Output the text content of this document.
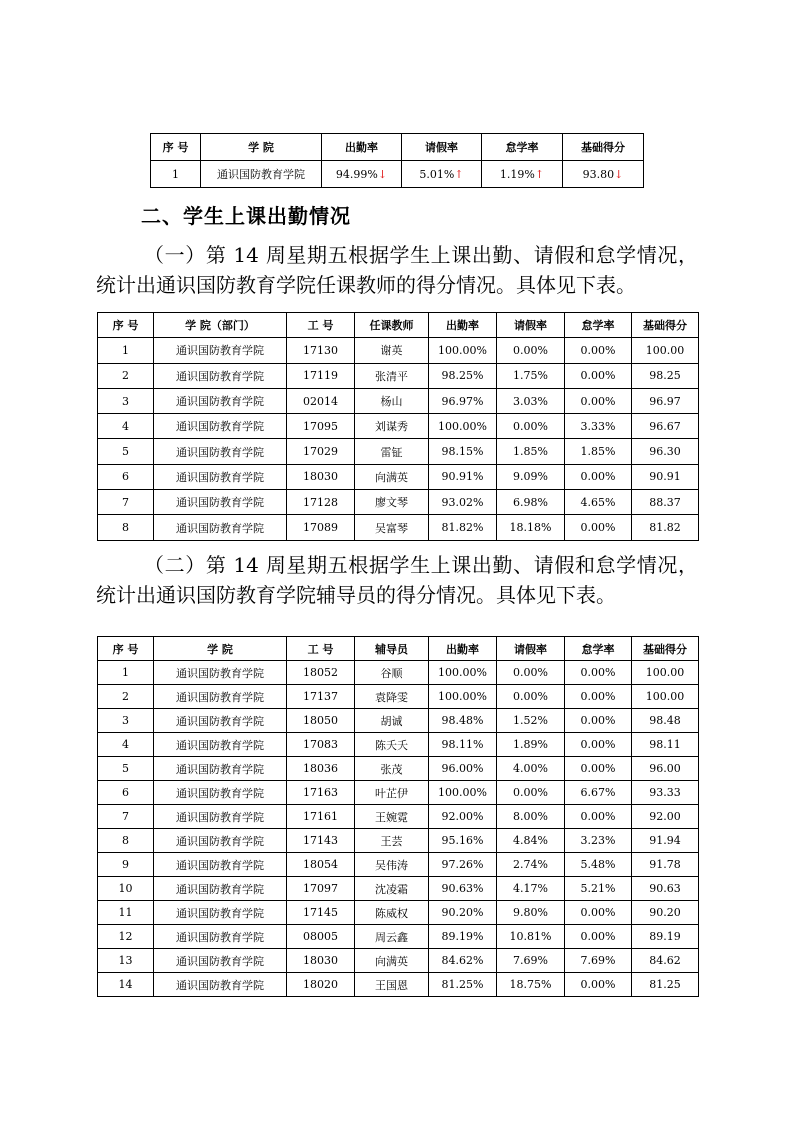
序 号	学 院	出勤率	请假率	怠学率	基础得分
1	通识国防教育学院	94.99%↓	5.01%↑	1.19%↑	93.80↓
二、学生上课出勤情况
（一）第 14 周星期五根据学生上课出勤、请假和怠学情况，统计出通识国防教育学院任课教师的得分情况。具体见下表。
序 号	学 院（部门）	工 号	任课教师	出勤率	请假率	怠学率	基础得分
1	通识国防教育学院	17130	谢英	100.00%	0.00%	0.00%	100.00
2	通识国防教育学院	17119	张清平	98.25%	1.75%	0.00%	98.25
3	通识国防教育学院	02014	杨山	96.97%	3.03%	0.00%	96.97
4	通识国防教育学院	17095	刘谋秀	100.00%	0.00%	3.33%	96.67
5	通识国防教育学院	17029	雷钲	98.15%	1.85%	1.85%	96.30
6	通识国防教育学院	18030	向满英	90.91%	9.09%	0.00%	90.91
7	通识国防教育学院	17128	廖文琴	93.02%	6.98%	4.65%	88.37
8	通识国防教育学院	17089	吴富琴	81.82%	18.18%	0.00%	81.82
（二）第 14 周星期五根据学生上课出勤、请假和怠学情况，统计出通识国防教育学院辅导员的得分情况。具体见下表。
序 号	学 院	工 号	辅导员	出勤率	请假率	怠学率	基础得分
1	通识国防教育学院	18052	谷顺	100.00%	0.00%	0.00%	100.00
2	通识国防教育学院	17137	袁降雯	100.00%	0.00%	0.00%	100.00
3	通识国防教育学院	18050	胡诚	98.48%	1.52%	0.00%	98.48
4	通识国防教育学院	17083	陈夭夭	98.11%	1.89%	0.00%	98.11
5	通识国防教育学院	18036	张茂	96.00%	4.00%	0.00%	96.00
6	通识国防教育学院	17163	叶芷伊	100.00%	0.00%	6.67%	93.33
7	通识国防教育学院	17161	王婉霓	92.00%	8.00%	0.00%	92.00
8	通识国防教育学院	17143	王芸	95.16%	4.84%	3.23%	91.94
9	通识国防教育学院	18054	吴伟涛	97.26%	2.74%	5.48%	91.78
10	通识国防教育学院	17097	沈凌霜	90.63%	4.17%	5.21%	90.63
11	通识国防教育学院	17145	陈威权	90.20%	9.80%	0.00%	90.20
12	通识国防教育学院	08005	周云鑫	89.19%	10.81%	0.00%	89.19
13	通识国防教育学院	18030	向满英	84.62%	7.69%	7.69%	84.62
14	通识国防教育学院	18020	王国恩	81.25%	18.75%	0.00%	81.25
